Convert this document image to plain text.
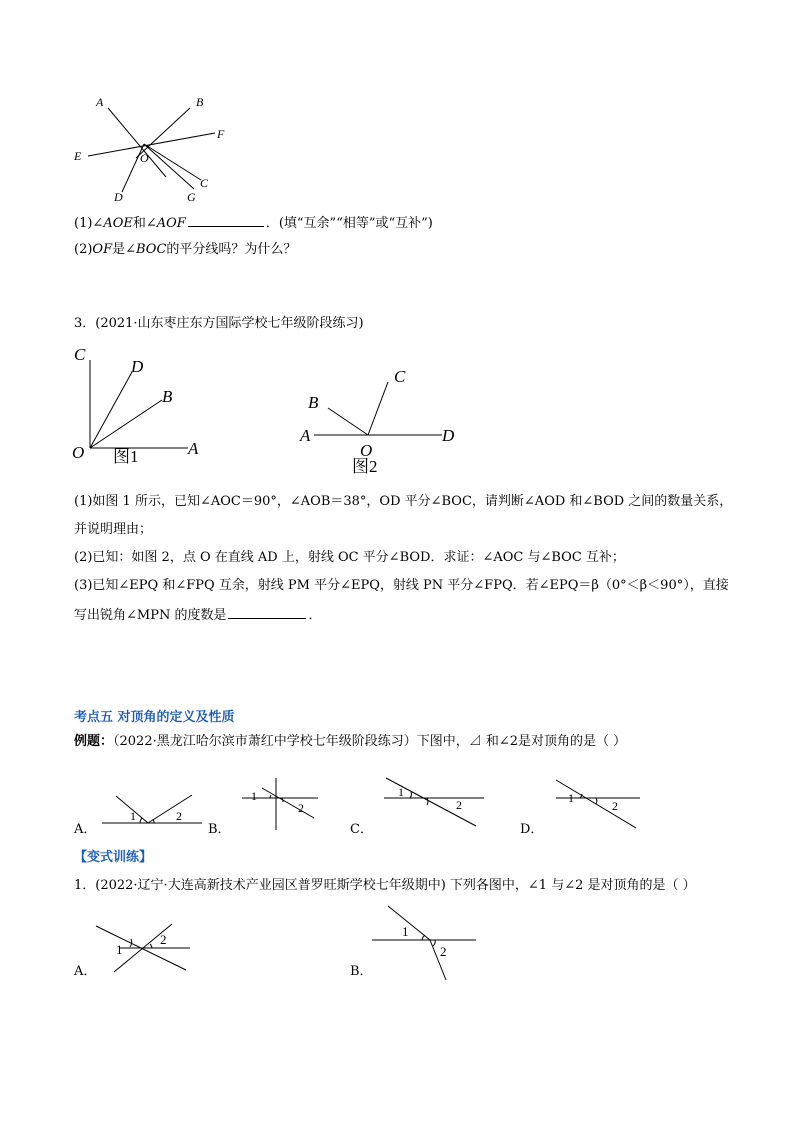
A	B
E
F
O
D	G
C
(1)∠AOE和∠AOF	．(填“互余”“相等”或“互补”)
(2)OF是∠BOC的平分线吗？为什么？
3．(2021·山东枣庄东方国际学校七年级阶段练习)
C
D
B
O	A
图1
C
B
A
O
D
图2
(1)如图 1 所示，已知∠AOC＝90°，∠AOB＝38°，OD 平分∠BOC，请判断∠AOD 和∠BOD 之间的数量关系，
并说明理由；
(2)已知：如图 2，点 O 在直线 AD 上，射线 OC 平分∠BOD．求证：∠AOC 与∠BOC 互补；
(3)已知∠EPQ 和∠FPQ 互余，射线 PM 平分∠EPQ，射线 PN 平分∠FPQ．若∠EPQ＝β（0°＜β＜90°），直接
写出锐角∠MPN 的度数是	．
考点五 对顶角的定义及性质
例题：（2022·黑龙江哈尔滨市萧红中学校七年级阶段练习）下图中，⊿ 和∠2是对顶角的是（ ）
A．
1	2
B．
1
2
C．
1
2
D．
1
2
【变式训练】
1．(2022·辽宁·大连高新技术产业园区普罗旺斯学校七年级期中) 下列各图中，∠1 与∠2 是对顶角的是（ ）
A．
1
2
B．
1
2
